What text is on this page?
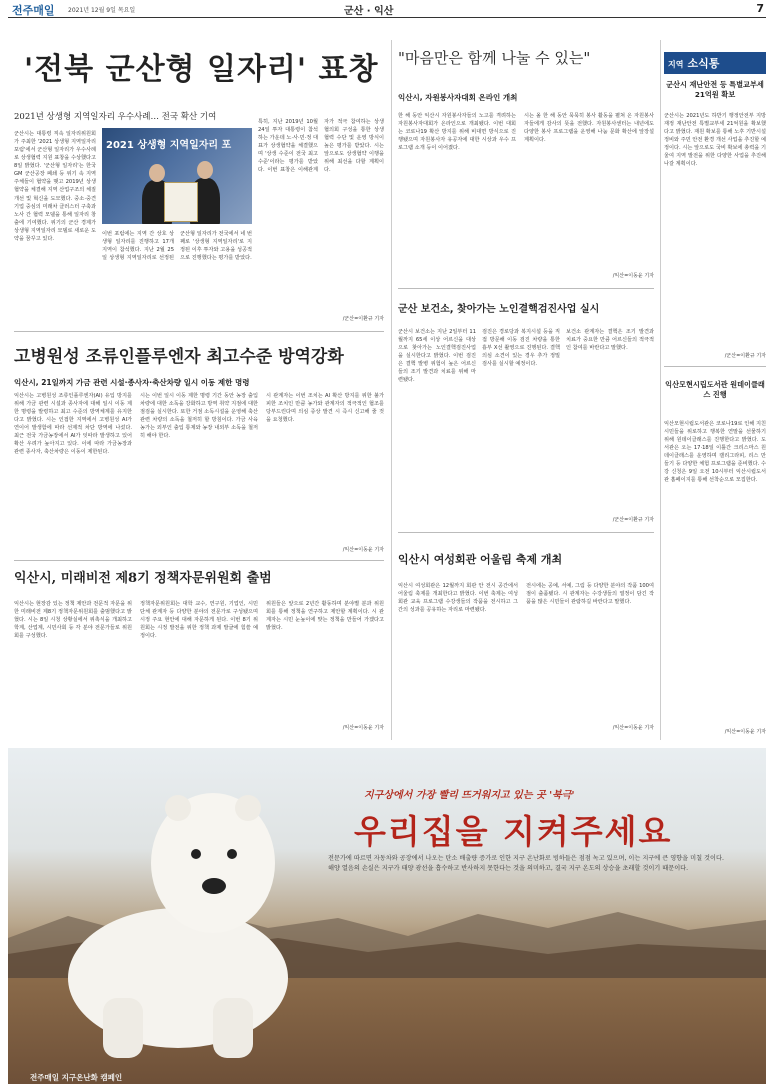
전주매일 2021년 12월 9일 목요일	군산 · 익산	7
'전북 군산형 일자리' 표창
2021년 상생형 지역일자리 우수사례… 전국 확산 기여
군산시는 대통령 직속 일자리위원회가 주최한 '2021 상생형 지역일자리 포럼'에서 군산형 일자리가 우수사례로 상생협력 지원 표창을 수상했다고 8일 밝혔다. '군산형 일자리'는 한국 GM 군산공장 폐쇄 등 위기 속 지역 주체들이 협약을 맺고 2019년 상생협약을 체결해 지역 산업구조의 체질 개선 및 혁신을 도모했다. 중소·중견기업 중심의 미래차 클러스터 구축과 노사 간 협력 모델을 통해 일자리 창출에 기여했다. 위기의 군산 경제가 상생형 지역일자리 모델로 새로운 도약을 꿈꾸고 있다.
2021 상생형 지역일자리 포
이번 포럼에는 지역 간 상호 상생형 일자리를 진행하고 17개 지역이 참석했다. 지난 2월 25일 상생형 지역일자리로 선정된 군산형 일자리가 전국에서 네 번째로 '상생형 지역일자리'로 지정된 이후 투자와 고용을 성공적으로 진행했다는 평가를 받았다.
특히, 지난 2019년 10월 24일 투자 대통령이 참석하는 가운데 노·사·민·정 대표가 상생협약을 체결했으며 '상생 수준이 전국 최고 수준'이라는 평가를 받았다. 이번 표창은 이해관계자가 적극 참여하는 상생협의회 구성을 통한 상생 협력 수단 및 운영 방식이 높은 평가를 받았다. 시는 앞으로도 상생협약 이행을 위해 최선을 다할 계획이다.
/군산=이환규 기자
고병원성 조류인플루엔자 최고수준 방역강화
익산시, 21일까지 가금 관련 시설·종사자·축산차량 일시 이동 제한 명령
익산시는 고병원성 조류인플루엔자(AI) 유입 방지를 위해 가금 관련 시설과 종사자에 대해 일시 이동 제한 명령을 발령하고 최고 수준의 방역체계를 유지한다고 밝혔다. 시는 인접한 지역에서 고병원성 AI가 연이어 발생함에 따라 선제적 차단 방역에 나섰다. 최근 전국 가금농장에서 AI가 잇따라 발생하고 있어 확산 우려가 높아지고 있다. 이에 따라 가금농장과 관련 종사자, 축산차량은 이동이 제한된다.
시는 이번 일시 이동 제한 명령 기간 동안 농장 출입 차량에 대한 소독을 강화하고 방역 취약 지점에 대한 점검을 실시한다. 또한 거점 소독시설을 운영해 축산 관련 차량의 소독을 철저히 할 방침이다. 가금 사육 농가는 외부인 출입 통제와 농장 내외부 소독을 철저히 해야 한다.
시 관계자는 이번 조치는 AI 확산 방지를 위한 불가피한 조치인 만큼 농가와 관계자의 적극적인 협조를 당부드린다며 의심 증상 발견 시 즉시 신고해 줄 것을 요청했다.
/익산=이동윤 기자
익산시, 미래비전 제8기 정책자문위원회 출범
익산시는 현장감 있는 정책 제안과 전문적 자문을 위한 미래비전 제8기 정책자문위원회를 출범했다고 밝혔다. 시는 8일 시청 상황실에서 위촉식을 개최하고 학계, 산업계, 시민사회 등 각 분야 전문가들로 위원회를 구성했다.
정책자문위원회는 대학 교수, 연구원, 기업인, 시민단체 관계자 등 다양한 분야의 전문가로 구성됐으며 시정 주요 현안에 대해 자문하게 된다. 이번 8기 위원회는 시정 발전을 위한 정책 과제 발굴에 힘쓸 예정이다.
위원들은 앞으로 2년간 활동하며 분야별 분과 위원회를 통해 정책을 연구하고 제안할 계획이다. 시 관계자는 시민 눈높이에 맞는 정책을 만들어 가겠다고 밝혔다.
/익산=이동윤 기자
"마음만은 함께 나눌 수 있는"
익산시, 자원봉사자대회 온라인 개최
한 해 동안 익산시 자원봉사자들의 노고를 격려하는 자원봉사자대회가 온라인으로 개최됐다. 이번 대회는 코로나19 확산 방지를 위해 비대면 방식으로 진행됐으며 자원봉사자 유공자에 대한 시상과 우수 프로그램 소개 등이 이어졌다.
시는 올 한 해 동안 묵묵히 봉사 활동을 펼쳐 온 자원봉사자들에게 감사의 뜻을 전했다. 자원봉사센터는 내년에도 다양한 봉사 프로그램을 운영해 나눔 문화 확산에 앞장설 계획이다.
/익산=이동윤 기자
군산 보건소, 찾아가는 노인결핵검진사업 실시
군산시 보건소는 지난 2일부터 11월까지 65세 이상 어르신을 대상으로 찾아가는 노인결핵검진사업을 실시한다고 밝혔다. 이번 검진은 결핵 발병 위험이 높은 어르신들의 조기 발견과 치료를 위해 마련됐다.
검진은 경로당과 복지시설 등을 직접 방문해 이동 검진 차량을 통한 흉부 X선 촬영으로 진행된다. 결핵 의심 소견이 있는 경우 추가 정밀검사를 실시할 예정이다.
보건소 관계자는 결핵은 조기 발견과 치료가 중요한 만큼 어르신들의 적극적인 참여를 바란다고 말했다.
/군산=이환규 기자
익산시 여성회관 어울림 축제 개최
익산시 여성회관은 12월까지 회관 안 전시 공간에서 어울림 축제를 개최한다고 밝혔다. 이번 축제는 여성회관 교육 프로그램 수강생들의 작품을 전시하고 그간의 성과를 공유하는 자리로 마련됐다.
전시에는 공예, 서예, 그림 등 다양한 분야의 작품 100여 점이 출품됐다. 시 관계자는 수강생들의 열정이 담긴 작품을 많은 시민들이 관람하길 바란다고 말했다.
/익산=이동윤 기자
지역 소식통
군산시 재난안전 등 특별교부세 21억원 확보
군산시는 2021년도 하반기 행정안전부 지방재정 재난안전 특별교부세 21억원을 확보했다고 밝혔다. 재원 확보를 통해 노후 기반시설 정비와 주민 안전 환경 개선 사업을 추진할 예정이다. 시는 앞으로도 국비 확보에 총력을 기울여 지역 발전을 위한 다양한 사업을 추진해 나갈 계획이다.
/군산=이환규 기자
익산모현시립도서관 원데이클래스 진행
익산모현시립도서관은 코로나19로 인해 지친 시민들을 위로하고 행복한 연말을 선물하기 위해 원데이클래스를 진행한다고 밝혔다. 도서관은 오는 17·18일 이틀간 크리스마스 원데이클래스를 운영하며 캘리그라피, 리스 만들기 등 다양한 체험 프로그램을 준비했다. 수강 신청은 9일 오전 10시부터 익산시립도서관 홈페이지를 통해 선착순으로 모집한다.
/익산=이동윤 기자
지구상에서 가장 빨리 뜨거워지고 있는 곳 '북극'
우리집을 지켜주세요
전문가에 따르면 자동차와 공장에서 나오는 탄소 배출량 증가로 인한 지구 온난화로 빙하들은 점점 녹고 있으며, 이는 지구에 큰 영향을 미칠 것이다. 해양 열음의 손실은 지구가 태양 광선을 흡수하고 반사하지 못한다는 것을 의미하고, 결국 지구 온도의 상승을 초래할 것이기 때문이다.
전주매일 지구온난화 캠페인
